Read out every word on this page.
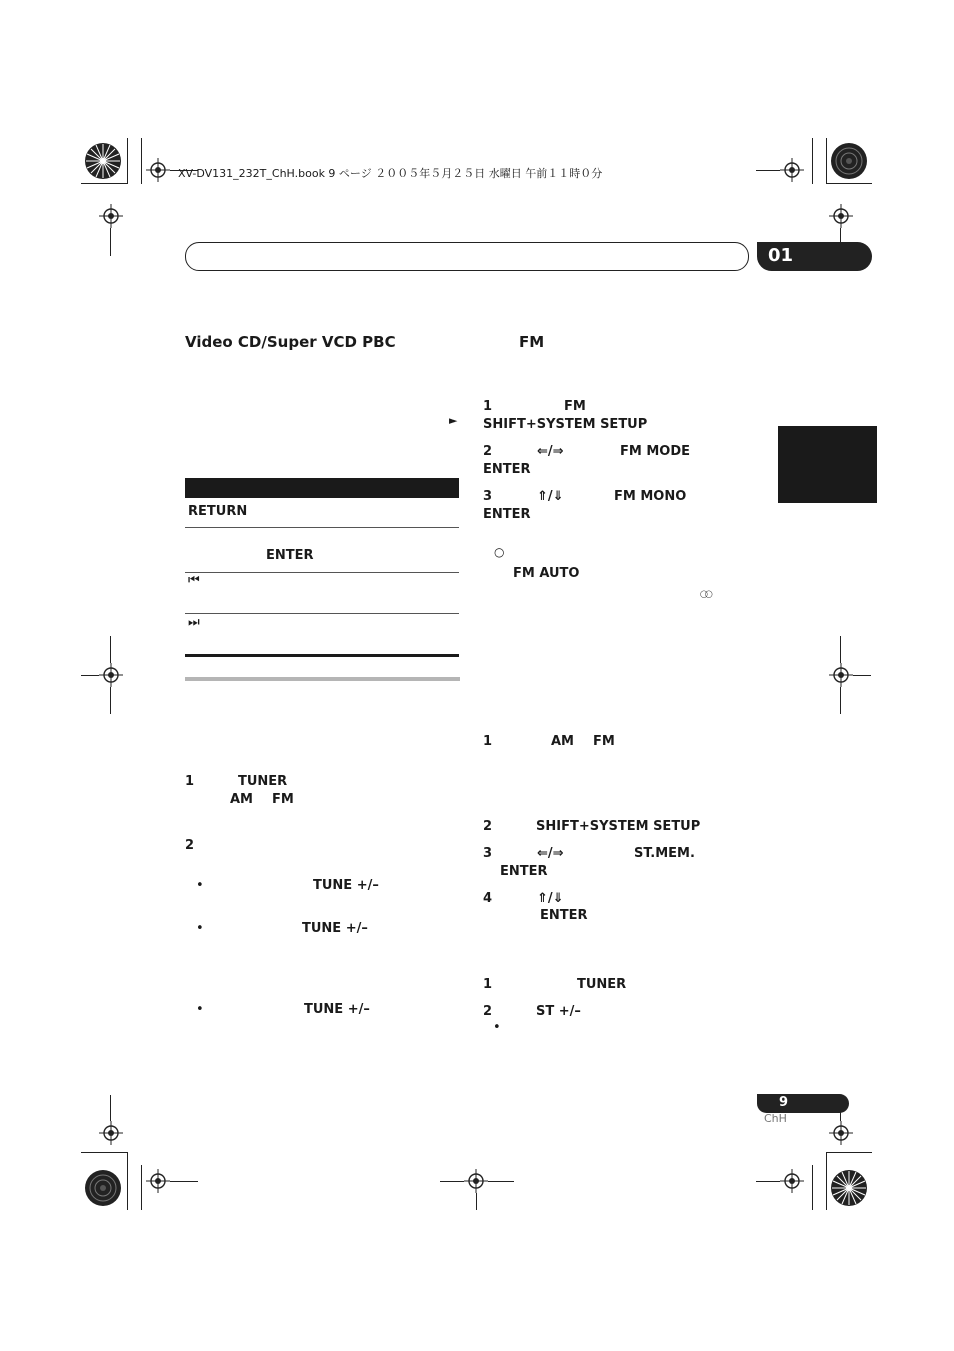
XV-DV131_232T_ChH.book 9 ページ ２００５年５月２５日 水曜日 午前１１時０分
01
Video CD/Super VCD PBC
►
RETURN
ENTER
⏮
⏭
1	TUNER
AM FM
2
•	TUNE +/–
•	TUNE +/–
•	TUNE +/–
FM
1	FM
SHIFT+SYSTEM SETUP
2	⇐/⇒	FM MODE
ENTER
3	⇑/⇓	FM MONO
ENTER
○
FM AUTO
◯◯
1	AM FM
2	SHIFT+SYSTEM SETUP
3	⇐/⇒	ST.MEM.
ENTER
4	⇑/⇓
ENTER
1	TUNER
2	ST +/–
•
9
ChH
